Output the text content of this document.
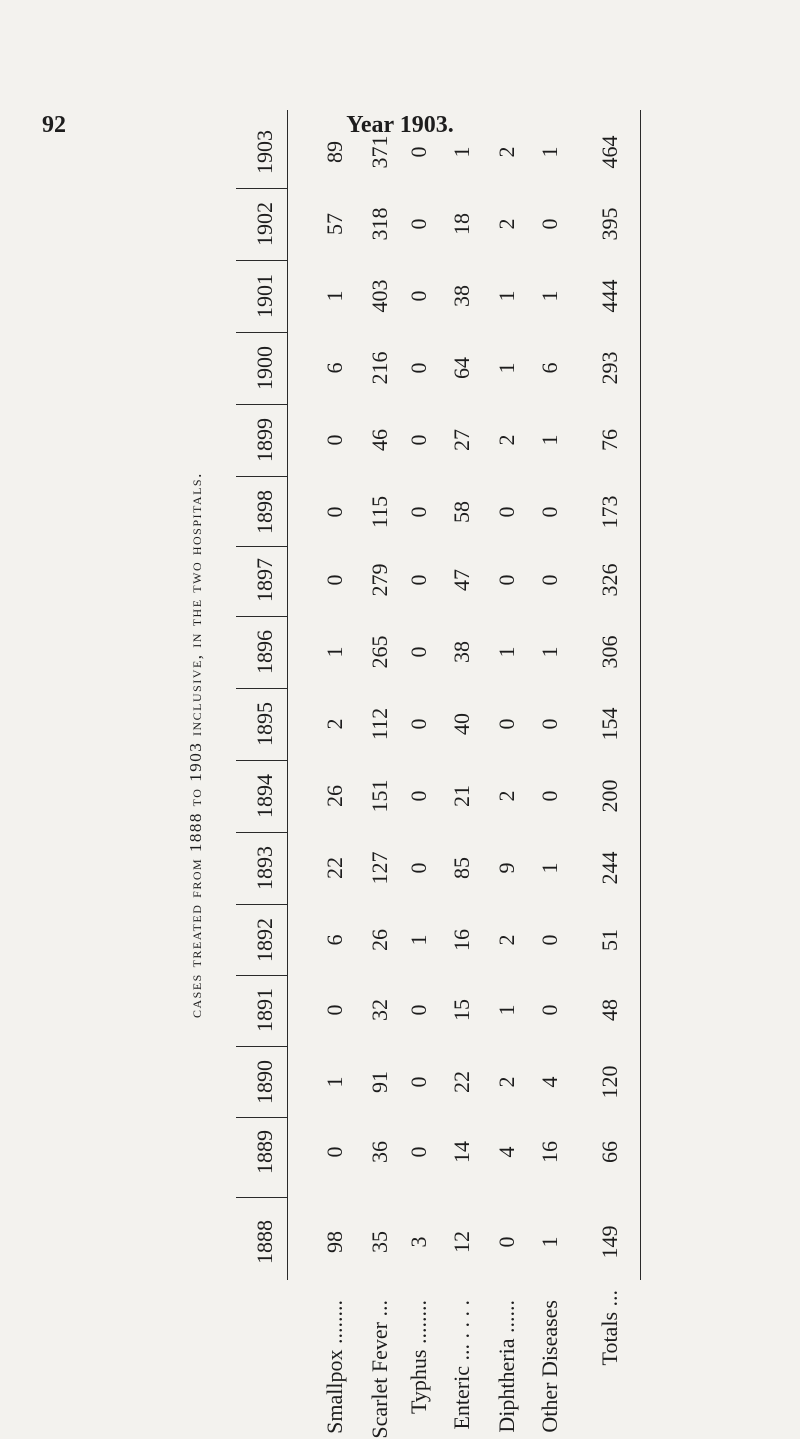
92	Year 1903.
cases treated from 1888 to 1903 inclusive, in the two hospitals.
1888
1889
1890
1891
1892
1893
1894
1895
1896
1897
1898
1899
1900
1901
1902
1903
Smallpox ........
98
0
1
0
6
22
26
2
1
0
0
0
6
1
57
89
Scarlet Fever ...
35
36
91
32
26
127
151
112
265
279
115
46
216
403
318
371
Typhus ........
3
0
0
0
1
0
0
0
0
0
0
0
0
0
0
0
Enteric ... . . . .
12
14
22
15
16
85
21
40
38
47
58
27
64
38
18
1
Diphtheria ......
0
4
2
1
2
9
2
0
1
0
0
2
1
1
2
2
Other Diseases
1
16
4
0
0
1
0
0
1
0
0
1
6
1
0
1
Totals ...
149
66
120
48
51
244
200
154
306
326
173
76
293
444
395
464
